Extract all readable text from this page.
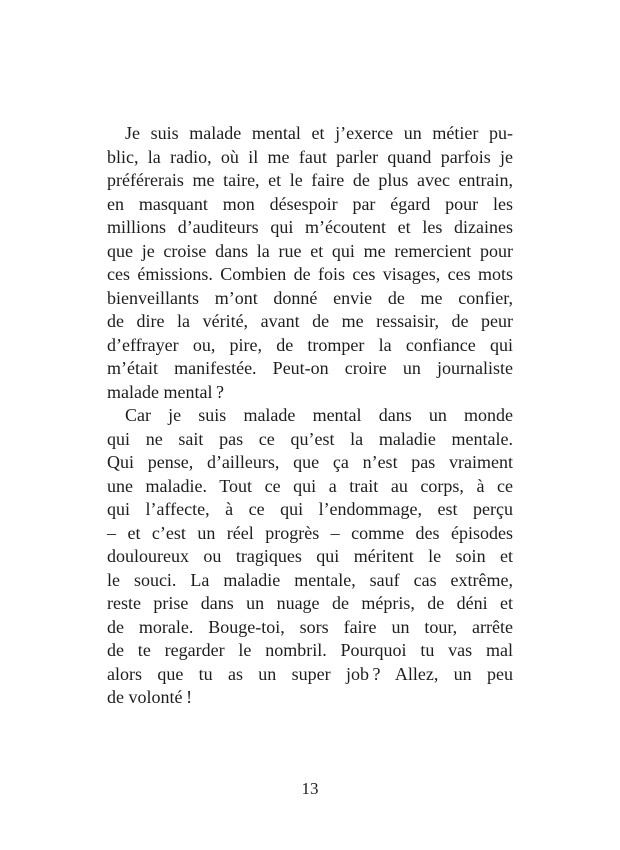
Je suis malade mental et j’exerce un métier pu-
blic, la radio, où il me faut parler quand parfois je
préférerais me taire, et le faire de plus avec entrain,
en masquant mon désespoir par égard pour les
millions d’auditeurs qui m’écoutent et les dizaines
que je croise dans la rue et qui me remercient pour
ces émissions. Combien de fois ces visages, ces mots
bienveillants m’ont donné envie de me confier,
de dire la vérité, avant de me ressaisir, de peur
d’effrayer ou, pire, de tromper la confiance qui
m’était manifestée. Peut-on croire un journaliste
malade mental ?
Car je suis malade mental dans un monde
qui ne sait pas ce qu’est la maladie mentale.
Qui pense, d’ailleurs, que ça n’est pas vraiment
une maladie. Tout ce qui a trait au corps, à ce
qui l’affecte, à ce qui l’endommage, est perçu
– et c’est un réel progrès – comme des épisodes
douloureux ou tragiques qui méritent le soin et
le souci. La maladie mentale, sauf cas extrême,
reste prise dans un nuage de mépris, de déni et
de morale. Bouge-toi, sors faire un tour, arrête
de te regarder le nombril. Pourquoi tu vas mal
alors que tu as un super job ? Allez, un peu
de volonté !
13
